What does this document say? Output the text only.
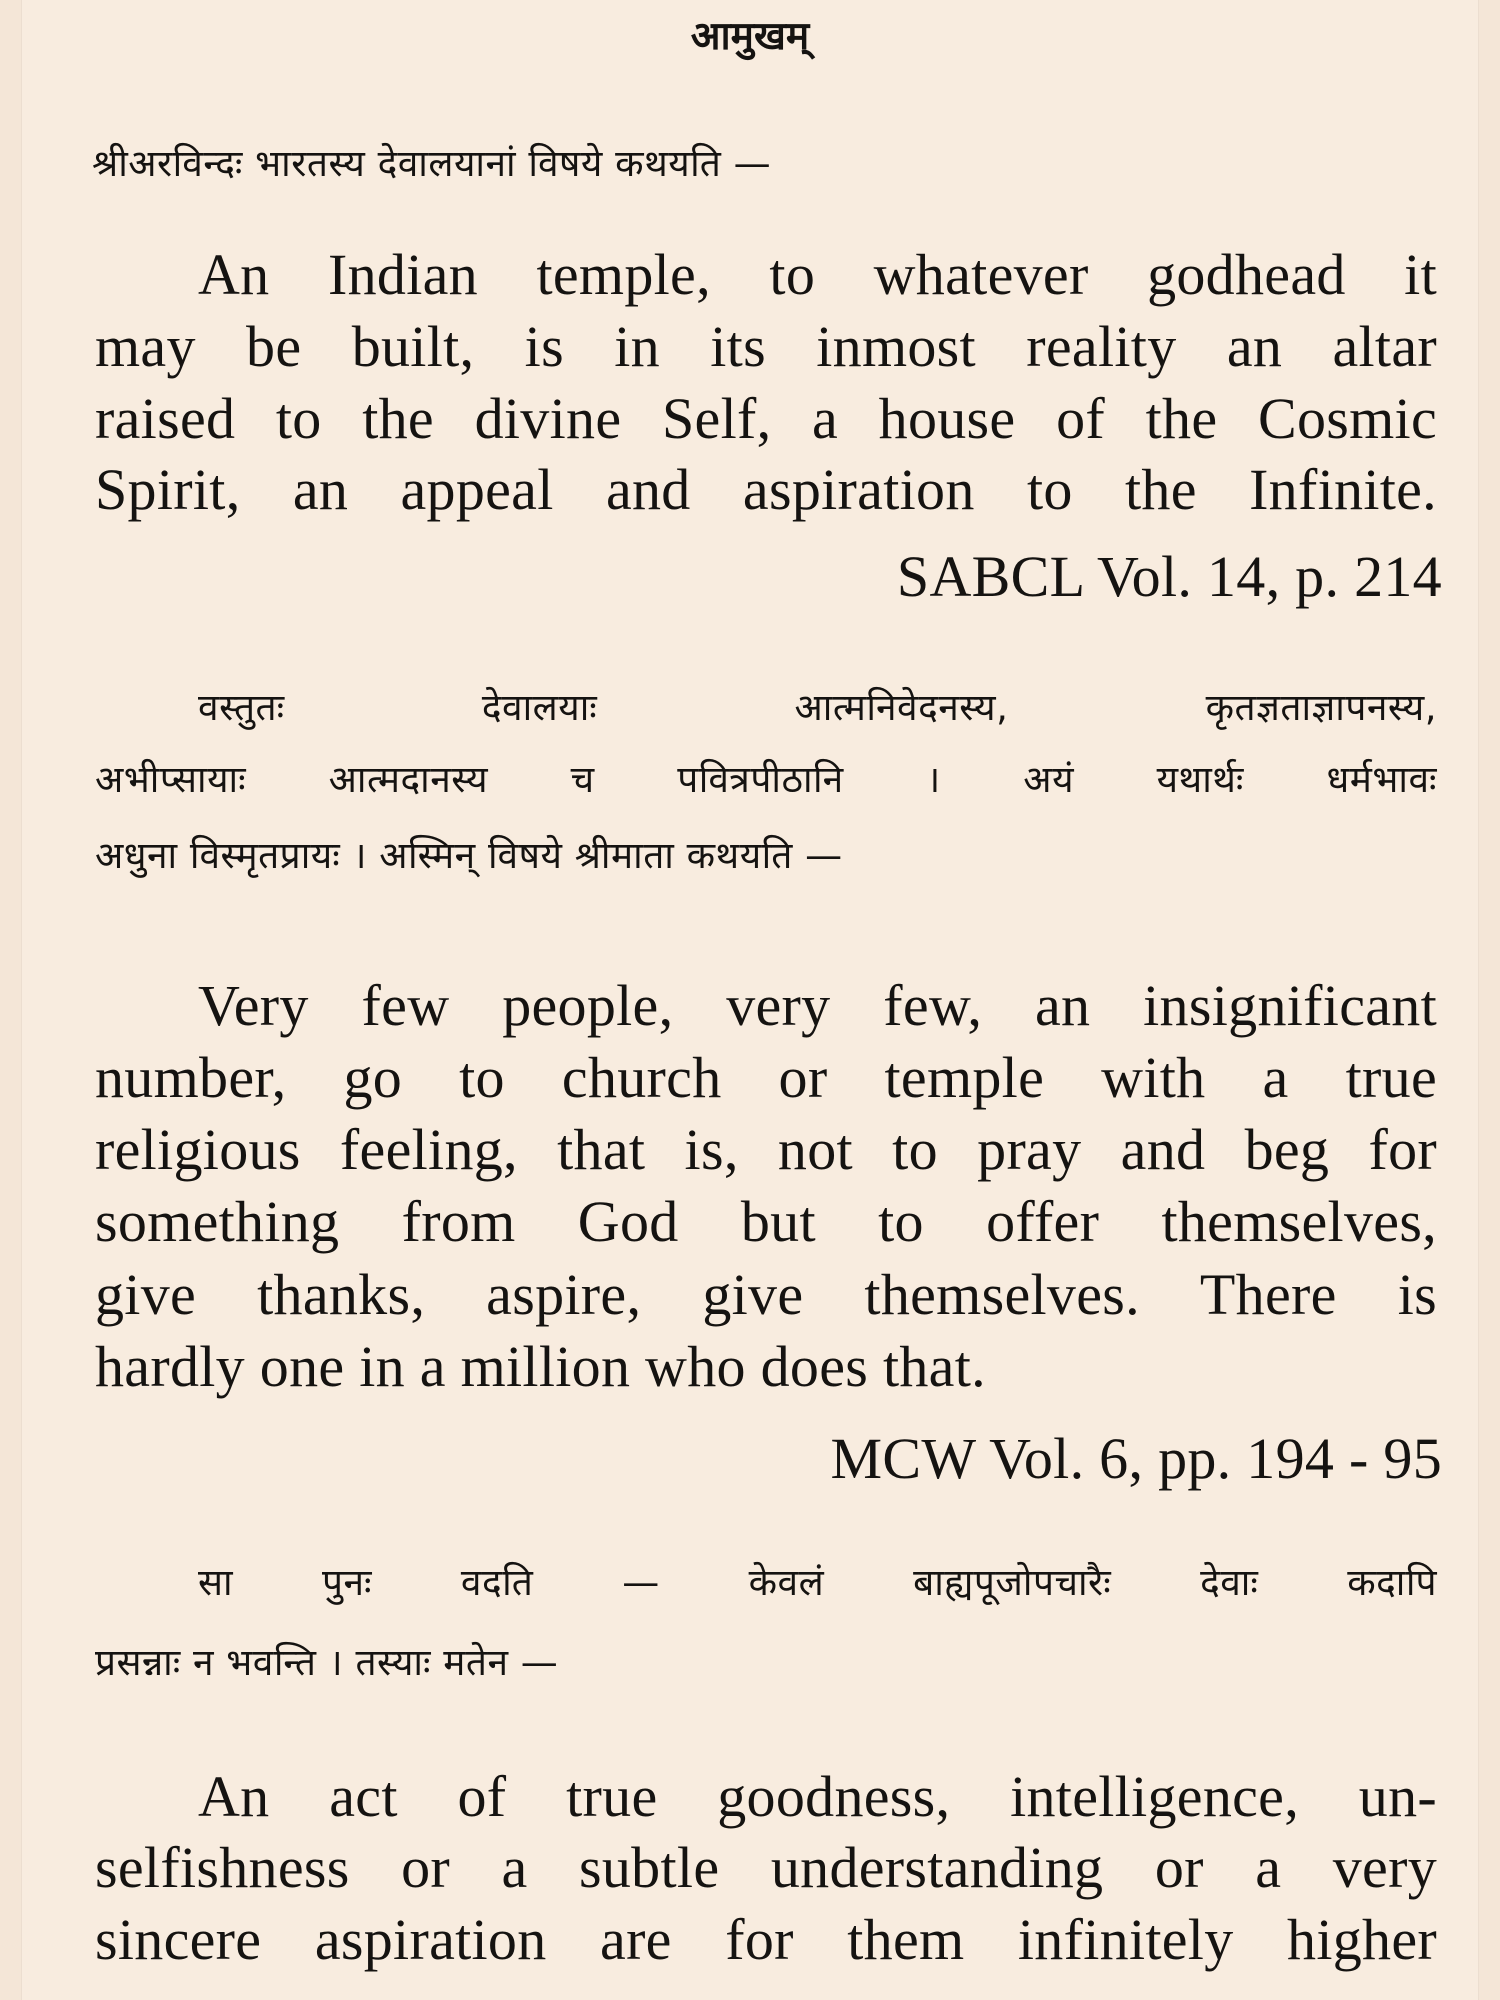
आमुखम्
श्रीअरविन्दः भारतस्य देवालयानां विषये कथयति —
An Indian temple, to whatever godhead it
may be built, is in its inmost reality an altar
raised to the divine Self, a house of the Cosmic
Spirit, an appeal and aspiration to the Infinite.
SABCL Vol. 14, p. 214
वस्तुतः देवालयाः आत्मनिवेदनस्य, कृतज्ञताज्ञापनस्य,
अभीप्सायाः आत्मदानस्य च पवित्रपीठानि । अयं यथार्थः धर्मभावः
अधुना विस्मृतप्रायः । अस्मिन् विषये श्रीमाता कथयति —
Very few people, very few, an insignificant
number, go to church or temple with a true
religious feeling, that is, not to pray and beg for
something from God but to offer themselves,
give thanks, aspire, give themselves. There is
hardly one in a million who does that.
MCW Vol. 6, pp. 194 - 95
सा पुनः वदति — केवलं बाह्यपूजोपचारैः देवाः कदापि
प्रसन्नाः न भवन्ति । तस्याः मतेन —
An act of true goodness, intelligence, un-
selfishness or a subtle understanding or a very
sincere aspiration are for them infinitely higher
